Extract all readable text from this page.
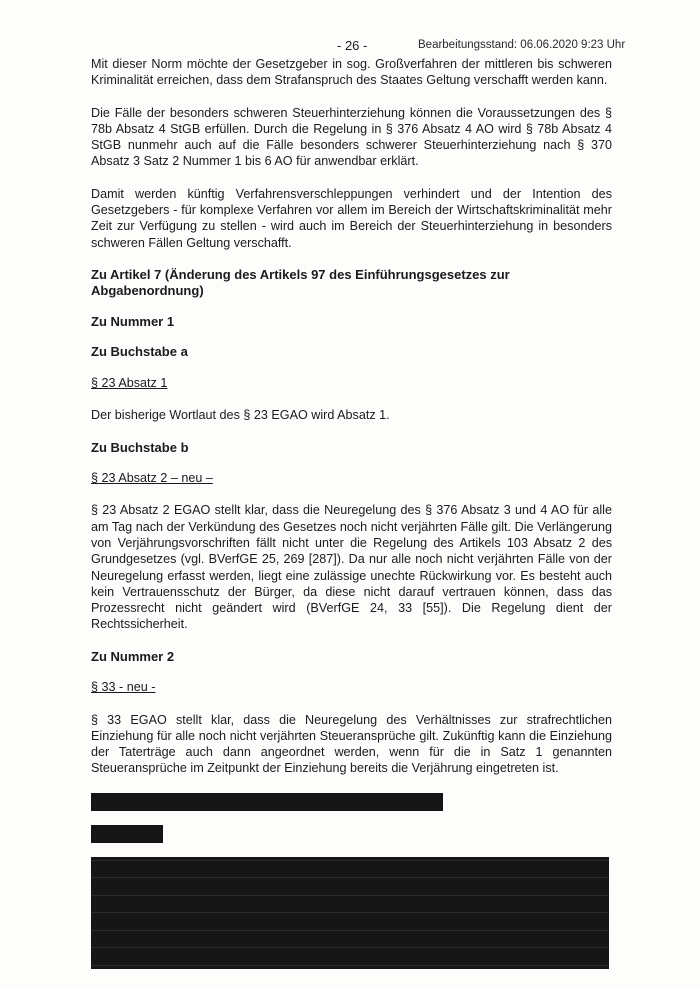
- 26 -	Bearbeitungsstand: 06.06.2020 9:23 Uhr

Mit dieser Norm möchte der Gesetzgeber in sog. Großverfahren der mittleren bis schweren Kriminalität erreichen, dass dem Strafanspruch des Staates Geltung verschafft werden kann.

Die Fälle der besonders schweren Steuerhinterziehung können die Voraussetzungen des § 78b Absatz 4 StGB erfüllen. Durch die Regelung in § 376 Absatz 4 AO wird § 78b Absatz 4 StGB nunmehr auch auf die Fälle besonders schwerer Steuerhinterziehung nach § 370 Absatz 3 Satz 2 Nummer 1 bis 6 AO für anwendbar erklärt.

Damit werden künftig Verfahrensverschleppungen verhindert und der Intention des Gesetzgebers - für komplexe Verfahren vor allem im Bereich der Wirtschaftskriminalität mehr Zeit zur Verfügung zu stellen - wird auch im Bereich der Steuerhinterziehung in besonders schweren Fällen Geltung verschafft.

Zu Artikel 7 (Änderung des Artikels 97 des Einführungsgesetzes zur Abgabenordnung)

Zu Nummer 1

Zu Buchstabe a

§ 23 Absatz 1

Der bisherige Wortlaut des § 23 EGAO wird Absatz 1.

Zu Buchstabe b

§ 23 Absatz 2 – neu –

§ 23 Absatz 2 EGAO stellt klar, dass die Neuregelung des § 376 Absatz 3 und 4 AO für alle am Tag nach der Verkündung des Gesetzes noch nicht verjährten Fälle gilt. Die Verlängerung von Verjährungsvorschriften fällt nicht unter die Regelung des Artikels 103 Absatz 2 des Grundgesetzes (vgl. BVerfGE 25, 269 [287]). Da nur alle noch nicht verjährten Fälle von der Neuregelung erfasst werden, liegt eine zulässige unechte Rückwirkung vor. Es besteht auch kein Vertrauensschutz der Bürger, da diese nicht darauf vertrauen können, dass das Prozessrecht nicht geändert wird (BVerfGE 24, 33 [55]). Die Regelung dient der Rechtssicherheit.

Zu Nummer 2

§ 33 - neu -

§ 33 EGAO stellt klar, dass die Neuregelung des Verhältnisses zur strafrechtlichen Einziehung für alle noch nicht verjährten Steueransprüche gilt. Zukünftig kann die Einziehung der Taterträge auch dann angeordnet werden, wenn für die in Satz 1 genannten Steueransprüche im Zeitpunkt der Einziehung bereits die Verjährung eingetreten ist.
